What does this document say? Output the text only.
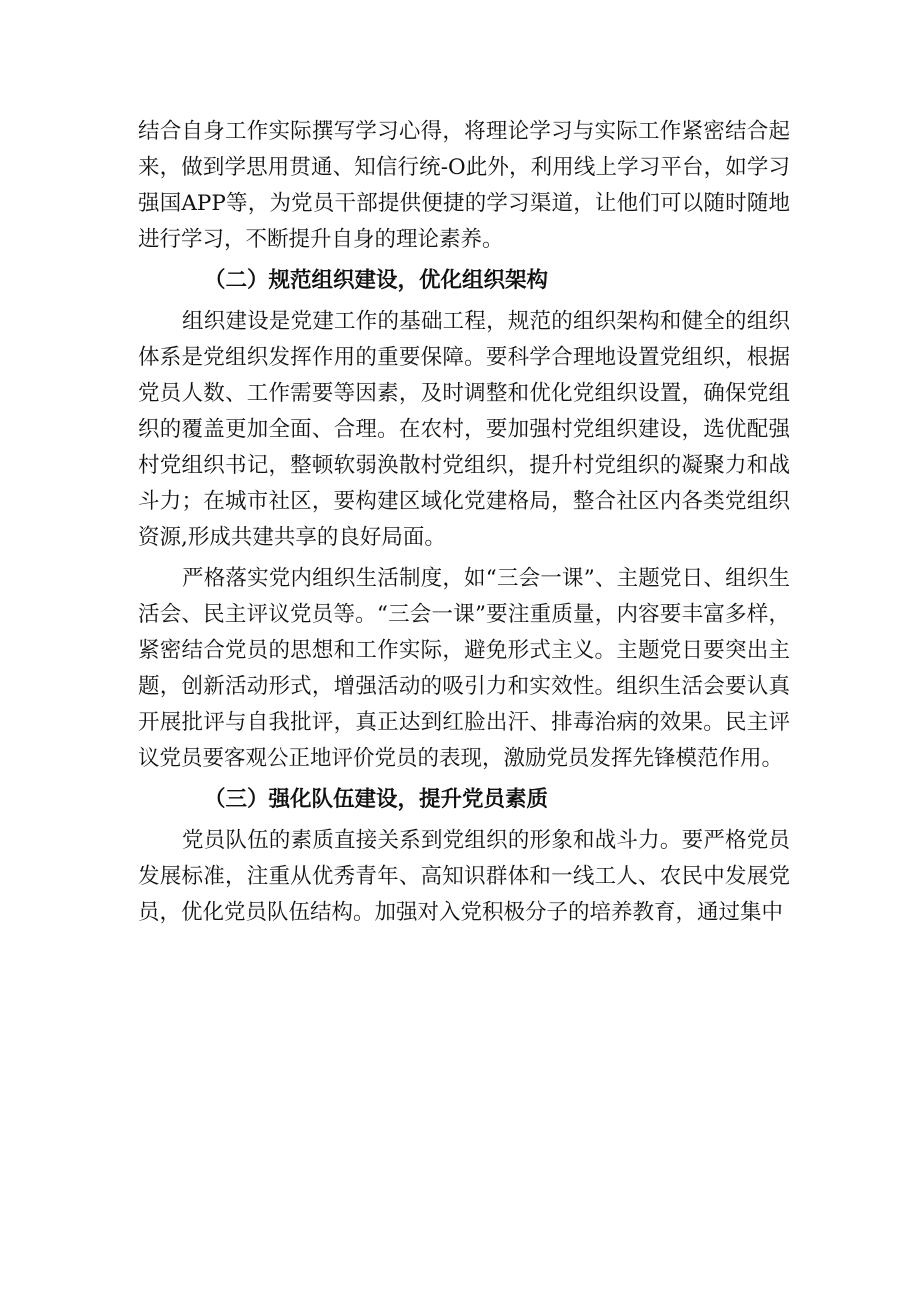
结合自身工作实际撰写学习心得，将理论学习与实际工作紧密结合起来，做到学思用贯通、知信行统-O此外，利用线上学习平台，如学习强国APP等，为党员干部提供便捷的学习渠道，让他们可以随时随地进行学习，不断提升自身的理论素养。

（二）规范组织建设，优化组织架构

组织建设是党建工作的基础工程，规范的组织架构和健全的组织体系是党组织发挥作用的重要保障。要科学合理地设置党组织，根据党员人数、工作需要等因素，及时调整和优化党组织设置，确保党组织的覆盖更加全面、合理。在农村，要加强村党组织建设，选优配强村党组织书记，整顿软弱涣散村党组织，提升村党组织的凝聚力和战斗力；在城市社区，要构建区域化党建格局，整合社区内各类党组织资源,形成共建共享的良好局面。

严格落实党内组织生活制度，如“三会一课”、主题党日、组织生活会、民主评议党员等。“三会一课”要注重质量，内容要丰富多样，紧密结合党员的思想和工作实际，避免形式主义。主题党日要突出主题，创新活动形式，增强活动的吸引力和实效性。组织生活会要认真开展批评与自我批评，真正达到红脸出汗、排毒治病的效果。民主评议党员要客观公正地评价党员的表现，激励党员发挥先锋模范作用。

（三）强化队伍建设，提升党员素质

党员队伍的素质直接关系到党组织的形象和战斗力。要严格党员发展标准，注重从优秀青年、高知识群体和一线工人、农民中发展党员，优化党员队伍结构。加强对入党积极分子的培养教育，通过集中
